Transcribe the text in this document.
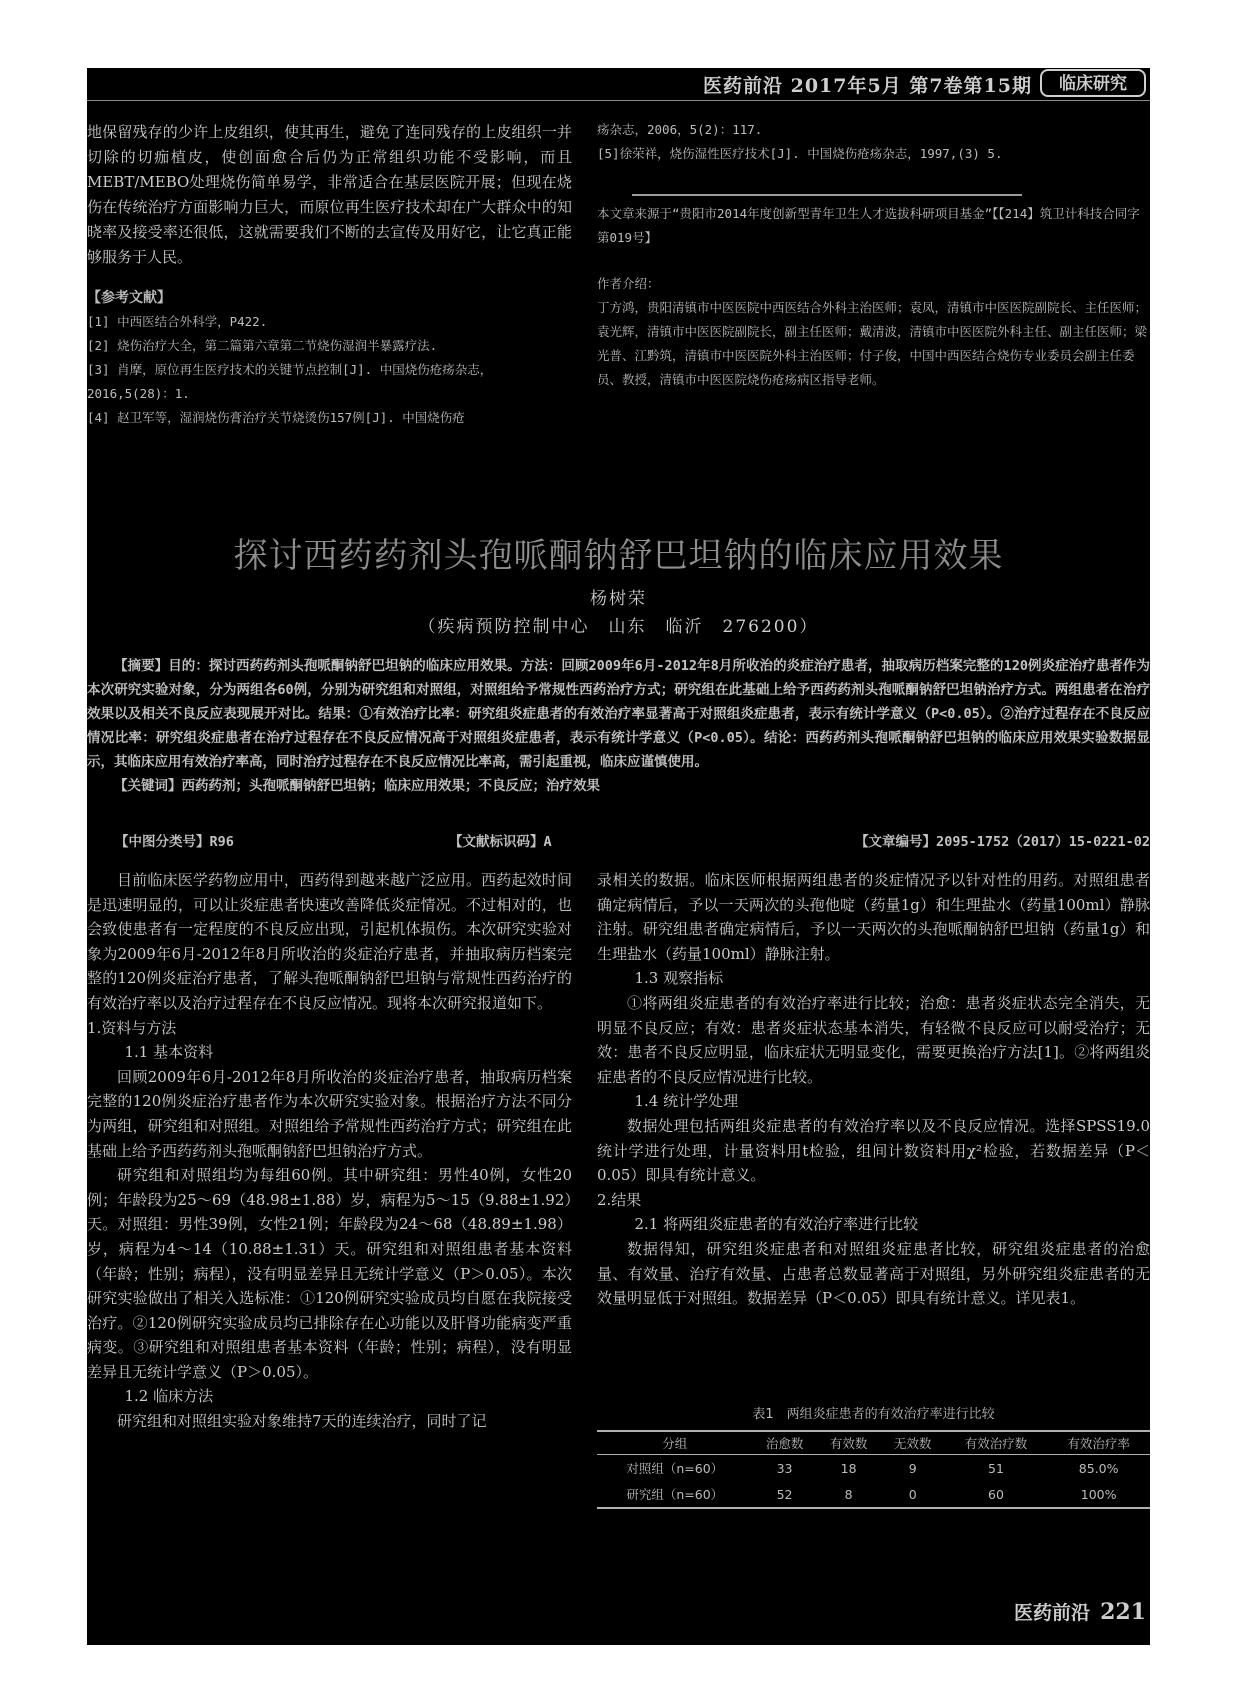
医药前沿 2017年5月 第7卷第15期	临床研究

地保留残存的少许上皮组织，使其再生，避免了连同残存的上皮组织一并切除的切痂植皮，使创面愈合后仍为正常组织功能不受影响，而且MEBT/MEBO处理烧伤简单易学，非常适合在基层医院开展；但现在烧伤在传统治疗方面影响力巨大，而原位再生医疗技术却在广大群众中的知晓率及接受率还很低，这就需要我们不断的去宣传及用好它，让它真正能够服务于人民。

【参考文献】

[1] 中西医结合外科学，P422.

[2] 烧伤治疗大全，第二篇第六章第二节烧伤湿润半暴露疗法.

[3] 肖摩，原位再生医疗技术的关键节点控制[J]. 中国烧伤疮疡杂志，2016,5(28)：1.

[4] 赵卫军等，湿润烧伤膏治疗关节烧烫伤157例[J]. 中国烧伤疮

疡杂志，2006，5(2)：117.

[5]徐荣祥，烧伤湿性医疗技术[J]. 中国烧伤疮疡杂志，1997,(3) 5.

本文章来源于“贵阳市2014年度创新型青年卫生人才选拔科研项目基金”【【214】筑卫计科技合同字第019号】

作者介绍：

丁方鸿，贵阳清镇市中医医院中西医结合外科主治医师；袁凤，清镇市中医医院副院长、主任医师；袁光辉，清镇市中医医院副院长，副主任医师；戴清波，清镇市中医医院外科主任、副主任医师；梁光普、江黔筑，清镇市中医医院外科主治医师；付子俊，中国中西医结合烧伤专业委员会副主任委员、教授，清镇市中医医院烧伤疮疡病区指导老师。

探讨西药药剂头孢哌酮钠舒巴坦钠的临床应用效果
杨树荣
（疾病预防控制中心　山东　临沂　276200）

【摘要】目的：探讨西药药剂头孢哌酮钠舒巴坦钠的临床应用效果。方法：回顾2009年6月-2012年8月所收治的炎症治疗患者，抽取病历档案完整的120例炎症治疗患者作为本次研究实验对象，分为两组各60例，分别为研究组和对照组，对照组给予常规性西药治疗方式；研究组在此基础上给予西药药剂头孢哌酮钠舒巴坦钠治疗方式。两组患者在治疗效果以及相关不良反应表现展开对比。结果：①有效治疗比率：研究组炎症患者的有效治疗率显著高于对照组炎症患者，表示有统计学意义（P<0.05）。②治疗过程存在不良反应情况比率：研究组炎症患者在治疗过程存在不良反应情况高于对照组炎症患者，表示有统计学意义（P<0.05）。结论：西药药剂头孢哌酮钠舒巴坦钠的临床应用效果实验数据显示，其临床应用有效治疗率高，同时治疗过程存在不良反应情况比率高，需引起重视，临床应谨慎使用。

【关键词】西药药剂；头孢哌酮钠舒巴坦钠；临床应用效果；不良反应；治疗效果

【中图分类号】R96	【文献标识码】A	【文章编号】2095-1752（2017）15-0221-02

目前临床医学药物应用中，西药得到越来越广泛应用。西药起效时间是迅速明显的，可以让炎症患者快速改善降低炎症情况。不过相对的，也会致使患者有一定程度的不良反应出现，引起机体损伤。本次研究实验对象为2009年6月-2012年8月所收治的炎症治疗患者，并抽取病历档案完整的120例炎症治疗患者，了解头孢哌酮钠舒巴坦钠与常规性西药治疗的有效治疗率以及治疗过程存在不良反应情况。现将本次研究报道如下。

1.资料与方法

1.1 基本资料

回顾2009年6月-2012年8月所收治的炎症治疗患者，抽取病历档案完整的120例炎症治疗患者作为本次研究实验对象。根据治疗方法不同分为两组，研究组和对照组。对照组给予常规性西药治疗方式；研究组在此基础上给予西药药剂头孢哌酮钠舒巴坦钠治疗方式。

研究组和对照组均为每组60例。其中研究组：男性40例，女性20例；年龄段为25～69（48.98±1.88）岁，病程为5～15（9.88±1.92）天。对照组：男性39例，女性21例；年龄段为24～68（48.89±1.98）岁，病程为4～14（10.88±1.31）天。研究组和对照组患者基本资料（年龄；性别；病程），没有明显差异且无统计学意义（P＞0.05）。本次研究实验做出了相关入选标准：①120例研究实验成员均自愿在我院接受治疗。②120例研究实验成员均已排除存在心功能以及肝肾功能病变严重病变。③研究组和对照组患者基本资料（年龄；性别；病程），没有明显差异且无统计学意义（P＞0.05）。

1.2 临床方法

研究组和对照组实验对象维持7天的连续治疗，同时了记

录相关的数据。临床医师根据两组患者的炎症情况予以针对性的用药。对照组患者确定病情后，予以一天两次的头孢他啶（药量1g）和生理盐水（药量100ml）静脉注射。研究组患者确定病情后，予以一天两次的头孢哌酮钠舒巴坦钠（药量1g）和生理盐水（药量100ml）静脉注射。

1.3 观察指标

①将两组炎症患者的有效治疗率进行比较；治愈：患者炎症状态完全消失，无明显不良反应；有效：患者炎症状态基本消失，有轻微不良反应可以耐受治疗；无效：患者不良反应明显，临床症状无明显变化，需要更换治疗方法[1]。②将两组炎症患者的不良反应情况进行比较。

1.4 统计学处理

数据处理包括两组炎症患者的有效治疗率以及不良反应情况。选择SPSS19.0统计学进行处理，计量资料用t检验，组间计数资料用χ²检验，若数据差异（P＜0.05）即具有统计意义。

2.结果

2.1 将两组炎症患者的有效治疗率进行比较

数据得知，研究组炎症患者和对照组炎症患者比较，研究组炎症患者的治愈量、有效量、治疗有效量、占患者总数显著高于对照组，另外研究组炎症患者的无效量明显低于对照组。数据差异（P＜0.05）即具有统计意义。详见表1。

表1　两组炎症患者的有效治疗率进行比较
分组	治愈数	有效数	无效数	有效治疗数	有效治疗率
对照组（n=60）	33	18	9	51	85.0%
研究组（n=60）	52	8	0	60	100%
医药前沿 221
